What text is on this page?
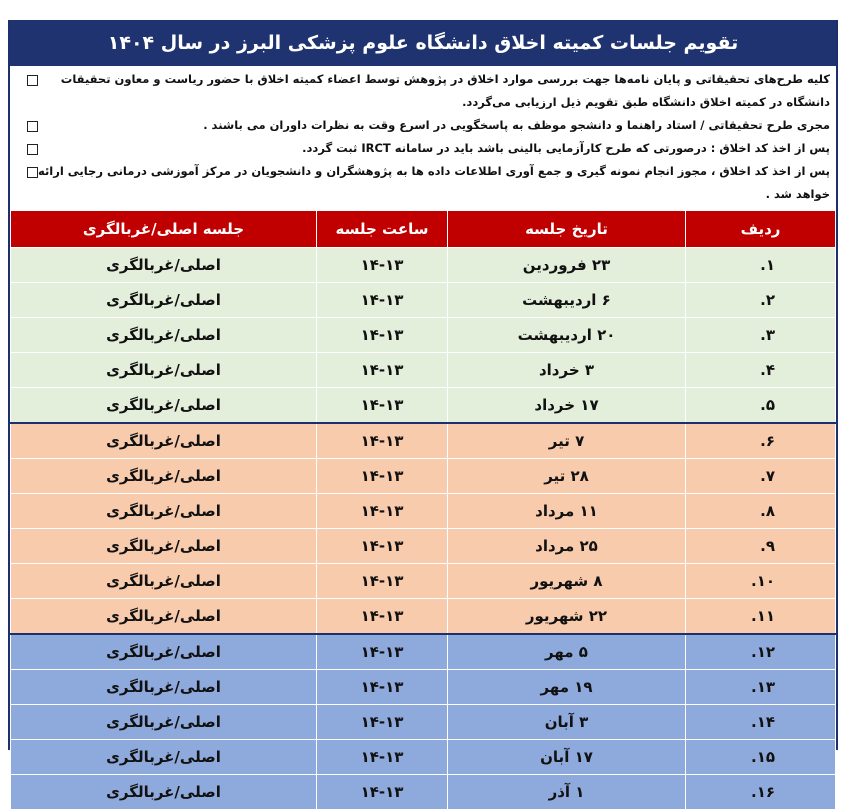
تقویم جلسات کمیته اخلاق دانشگاه علوم پزشکی البرز در سال ۱۴۰۴
کلیه طرح‌های تحقیقاتی و پایان نامه‌ها جهت بررسی موارد اخلاق در پژوهش توسط اعضاء کمیته اخلاق با حضور ریاست و معاون تحقیقات دانشگاه در کمیته اخلاق دانشگاه طبق تقویم ذیل ارزیابی می‌گردد.
مجری طرح تحقیقاتی / استاد راهنما و دانشجو موظف به پاسخگویی در اسرع وقت به نظرات داوران می باشند .
پس از اخذ کد اخلاق : درصورتی که طرح کارآزمایی بالینی باشد باید در سامانه IRCT ثبت گردد.
پس از اخذ کد اخلاق ، مجوز انجام نمونه گیری و جمع آوری اطلاعات داده ها به پژوهشگران و دانشجویان در مرکز آموزشی درمانی رجایی ارائه خواهد شد .
ردیف	تاریخ جلسه	ساعت جلسه	جلسه اصلی/غربالگری
۱.	۲۳ فروردین	۱۴-۱۳	اصلی/غربالگری
۲.	۶ اردیبهشت	۱۴-۱۳	اصلی/غربالگری
۳.	۲۰ اردیبهشت	۱۴-۱۳	اصلی/غربالگری
۴.	۳ خرداد	۱۴-۱۳	اصلی/غربالگری
۵.	۱۷ خرداد	۱۴-۱۳	اصلی/غربالگری
۶.	۷ تیر	۱۴-۱۳	اصلی/غربالگری
۷.	۲۸ تیر	۱۴-۱۳	اصلی/غربالگری
۸.	۱۱ مرداد	۱۴-۱۳	اصلی/غربالگری
۹.	۲۵ مرداد	۱۴-۱۳	اصلی/غربالگری
۱۰.	۸ شهریور	۱۴-۱۳	اصلی/غربالگری
۱۱.	۲۲ شهریور	۱۴-۱۳	اصلی/غربالگری
۱۲.	۵ مهر	۱۴-۱۳	اصلی/غربالگری
۱۳.	۱۹ مهر	۱۴-۱۳	اصلی/غربالگری
۱۴.	۳ آبان	۱۴-۱۳	اصلی/غربالگری
۱۵.	۱۷ آبان	۱۴-۱۳	اصلی/غربالگری
۱۶.	۱ آذر	۱۴-۱۳	اصلی/غربالگری
